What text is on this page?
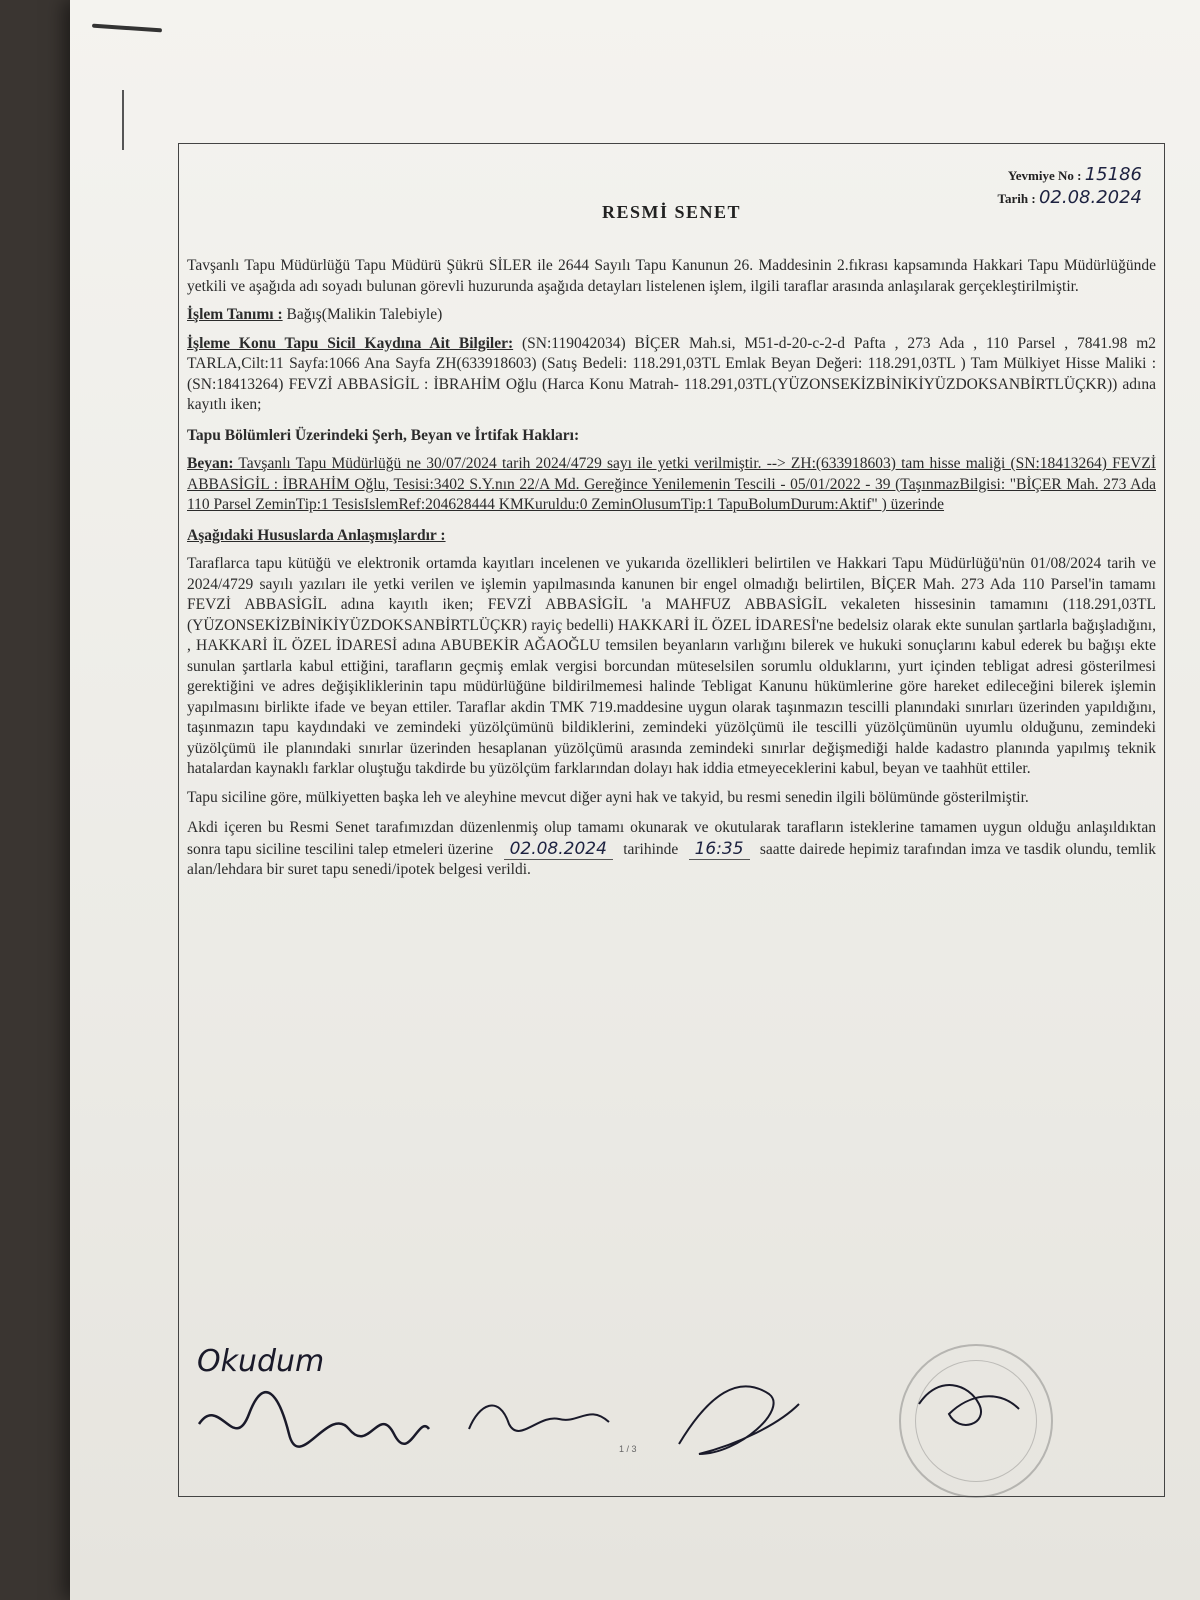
Yevmiye No : 15186
Tarih : 02.08.2024
RESMİ SENET

Tavşanlı Tapu Müdürlüğü Tapu Müdürü Şükrü SİLER ile 2644 Sayılı Tapu Kanunun 26. Maddesinin 2.fıkrası kapsamında Hakkari Tapu Müdürlüğünde yetkili ve aşağıda adı soyadı bulunan görevli huzurunda aşağıda detayları listelenen işlem, ilgili taraflar arasında anlaşılarak gerçekleştirilmiştir.

İşlem Tanımı : Bağış(Malikin Talebiyle)

İşleme Konu Tapu Sicil Kaydına Ait Bilgiler: (SN:119042034) BİÇER Mah.si, M51-d-20-c-2-d Pafta , 273 Ada , 110 Parsel , 7841.98 m2 TARLA,Cilt:11 Sayfa:1066 Ana Sayfa ZH(633918603) (Satış Bedeli: 118.291,03TL Emlak Beyan Değeri: 118.291,03TL ) Tam Mülkiyet Hisse Maliki :(SN:18413264) FEVZİ ABBASİGİL : İBRAHİM Oğlu (Harca Konu Matrah- 118.291,03TL(YÜZONSEKİZBİNİKİYÜZDOKSANBİRTLÜÇKR)) adına kayıtlı iken;

Tapu Bölümleri Üzerindeki Şerh, Beyan ve İrtifak Hakları:

Beyan: Tavşanlı Tapu Müdürlüğü ne 30/07/2024 tarih 2024/4729 sayı ile yetki verilmiştir. --> ZH:(633918603) tam hisse maliği (SN:18413264) FEVZİ ABBASİGİL : İBRAHİM Oğlu, Tesisi:3402 S.Y.nın 22/A Md. Gereğince Yenilemenin Tescili - 05/01/2022 - 39 (TaşınmazBilgisi: "BİÇER Mah. 273 Ada 110 Parsel ZeminTip:1 TesisIslemRef:204628444 KMKuruldu:0 ZeminOlusumTip:1 TapuBolumDurum:Aktif" ) üzerinde

Aşağıdaki Hususlarda Anlaşmışlardır :

Taraflarca tapu kütüğü ve elektronik ortamda kayıtları incelenen ve yukarıda özellikleri belirtilen ve Hakkari Tapu Müdürlüğü'nün 01/08/2024 tarih ve 2024/4729 sayılı yazıları ile yetki verilen ve işlemin yapılmasında kanunen bir engel olmadığı belirtilen, BİÇER Mah. 273 Ada 110 Parsel'in tamamı FEVZİ ABBASİGİL adına kayıtlı iken; FEVZİ ABBASİGİL 'a MAHFUZ ABBASİGİL vekaleten hissesinin tamamını (118.291,03TL (YÜZONSEKİZBİNİKİYÜZDOKSANBİRTLÜÇKR) rayiç bedelli) HAKKARİ İL ÖZEL İDARESİ'ne bedelsiz olarak ekte sunulan şartlarla bağışladığını, , HAKKARİ İL ÖZEL İDARESİ adına ABUBEKİR AĞAOĞLU temsilen beyanların varlığını bilerek ve hukuki sonuçlarını kabul ederek bu bağışı ekte sunulan şartlarla kabul ettiğini, tarafların geçmiş emlak vergisi borcundan müteselsilen sorumlu olduklarını, yurt içinden tebligat adresi gösterilmesi gerektiğini ve adres değişikliklerinin tapu müdürlüğüne bildirilmemesi halinde Tebligat Kanunu hükümlerine göre hareket edileceğini bilerek işlemin yapılmasını birlikte ifade ve beyan ettiler. Taraflar akdin TMK 719.maddesine uygun olarak taşınmazın tescilli planındaki sınırları üzerinden yapıldığını, taşınmazın tapu kaydındaki ve zemindeki yüzölçümünü bildiklerini, zemindeki yüzölçümü ile tescilli yüzölçümünün uyumlu olduğunu, zemindeki yüzölçümü ile planındaki sınırlar üzerinden hesaplanan yüzölçümü arasında zemindeki sınırlar değişmediği halde kadastro planında yapılmış teknik hatalardan kaynaklı farklar oluştuğu takdirde bu yüzölçüm farklarından dolayı hak iddia etmeyeceklerini kabul, beyan ve taahhüt ettiler.

Tapu siciline göre, mülkiyetten başka leh ve aleyhine mevcut diğer ayni hak ve takyid, bu resmi senedin ilgili bölümünde gösterilmiştir.

Akdi içeren bu Resmi Senet tarafımızdan düzenlenmiş olup tamamı okunarak ve okutularak tarafların isteklerine tamamen uygun olduğu anlaşıldıktan sonra tapu siciline tescilini talep etmeleri üzerine 02.08.2024 tarihinde 16:35 saatte dairede hepimiz tarafından imza ve tasdik olundu, temlik alan/lehdara bir suret tapu senedi/ipotek belgesi verildi.

Okudum
1 / 3
